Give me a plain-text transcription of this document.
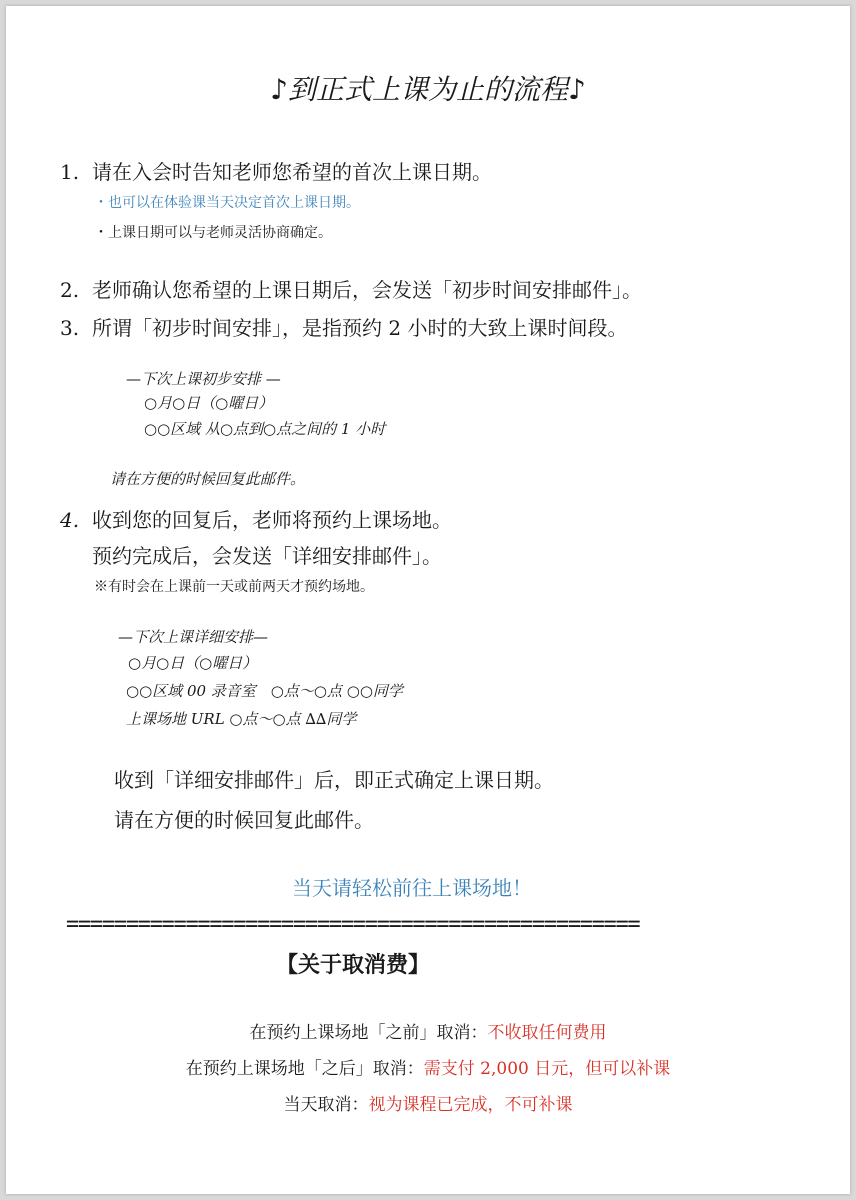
♪到正式上课为止的流程♪
1. 请在入会时告知老师您希望的首次上课日期。
・也可以在体验课当天决定首次上课日期。
・上课日期可以与老师灵活协商确定。
2. 老师确认您希望的上课日期后，会发送「初步时间安排邮件」。
3. 所谓「初步时间安排」，是指预约 2 小时的大致上课时间段。
—下次上课初步安排 —
○月○日（○曜日）
○○区域 从○点到○点之间的 1 小时
请在方便的时候回复此邮件。
4. 收到您的回复后，老师将预约上课场地。
预约完成后，会发送「详细安排邮件」。
※有时会在上课前一天或前两天才预约场地。
—下次上课详细安排—
○月○日（○曜日）
○○区域 00 录音室　○点〜○点 ○○同学
上课场地 URL ○点〜○点 ∆∆同学
收到「详细安排邮件」后，即正式确定上课日期。
请在方便的时候回复此邮件。
当天请轻松前往上课场地！
================================================
【关于取消费】
在预约上课场地「之前」取消：不收取任何费用
在预约上课场地「之后」取消：需支付 2,000 日元，但可以补课
当天取消：视为课程已完成，不可补课
